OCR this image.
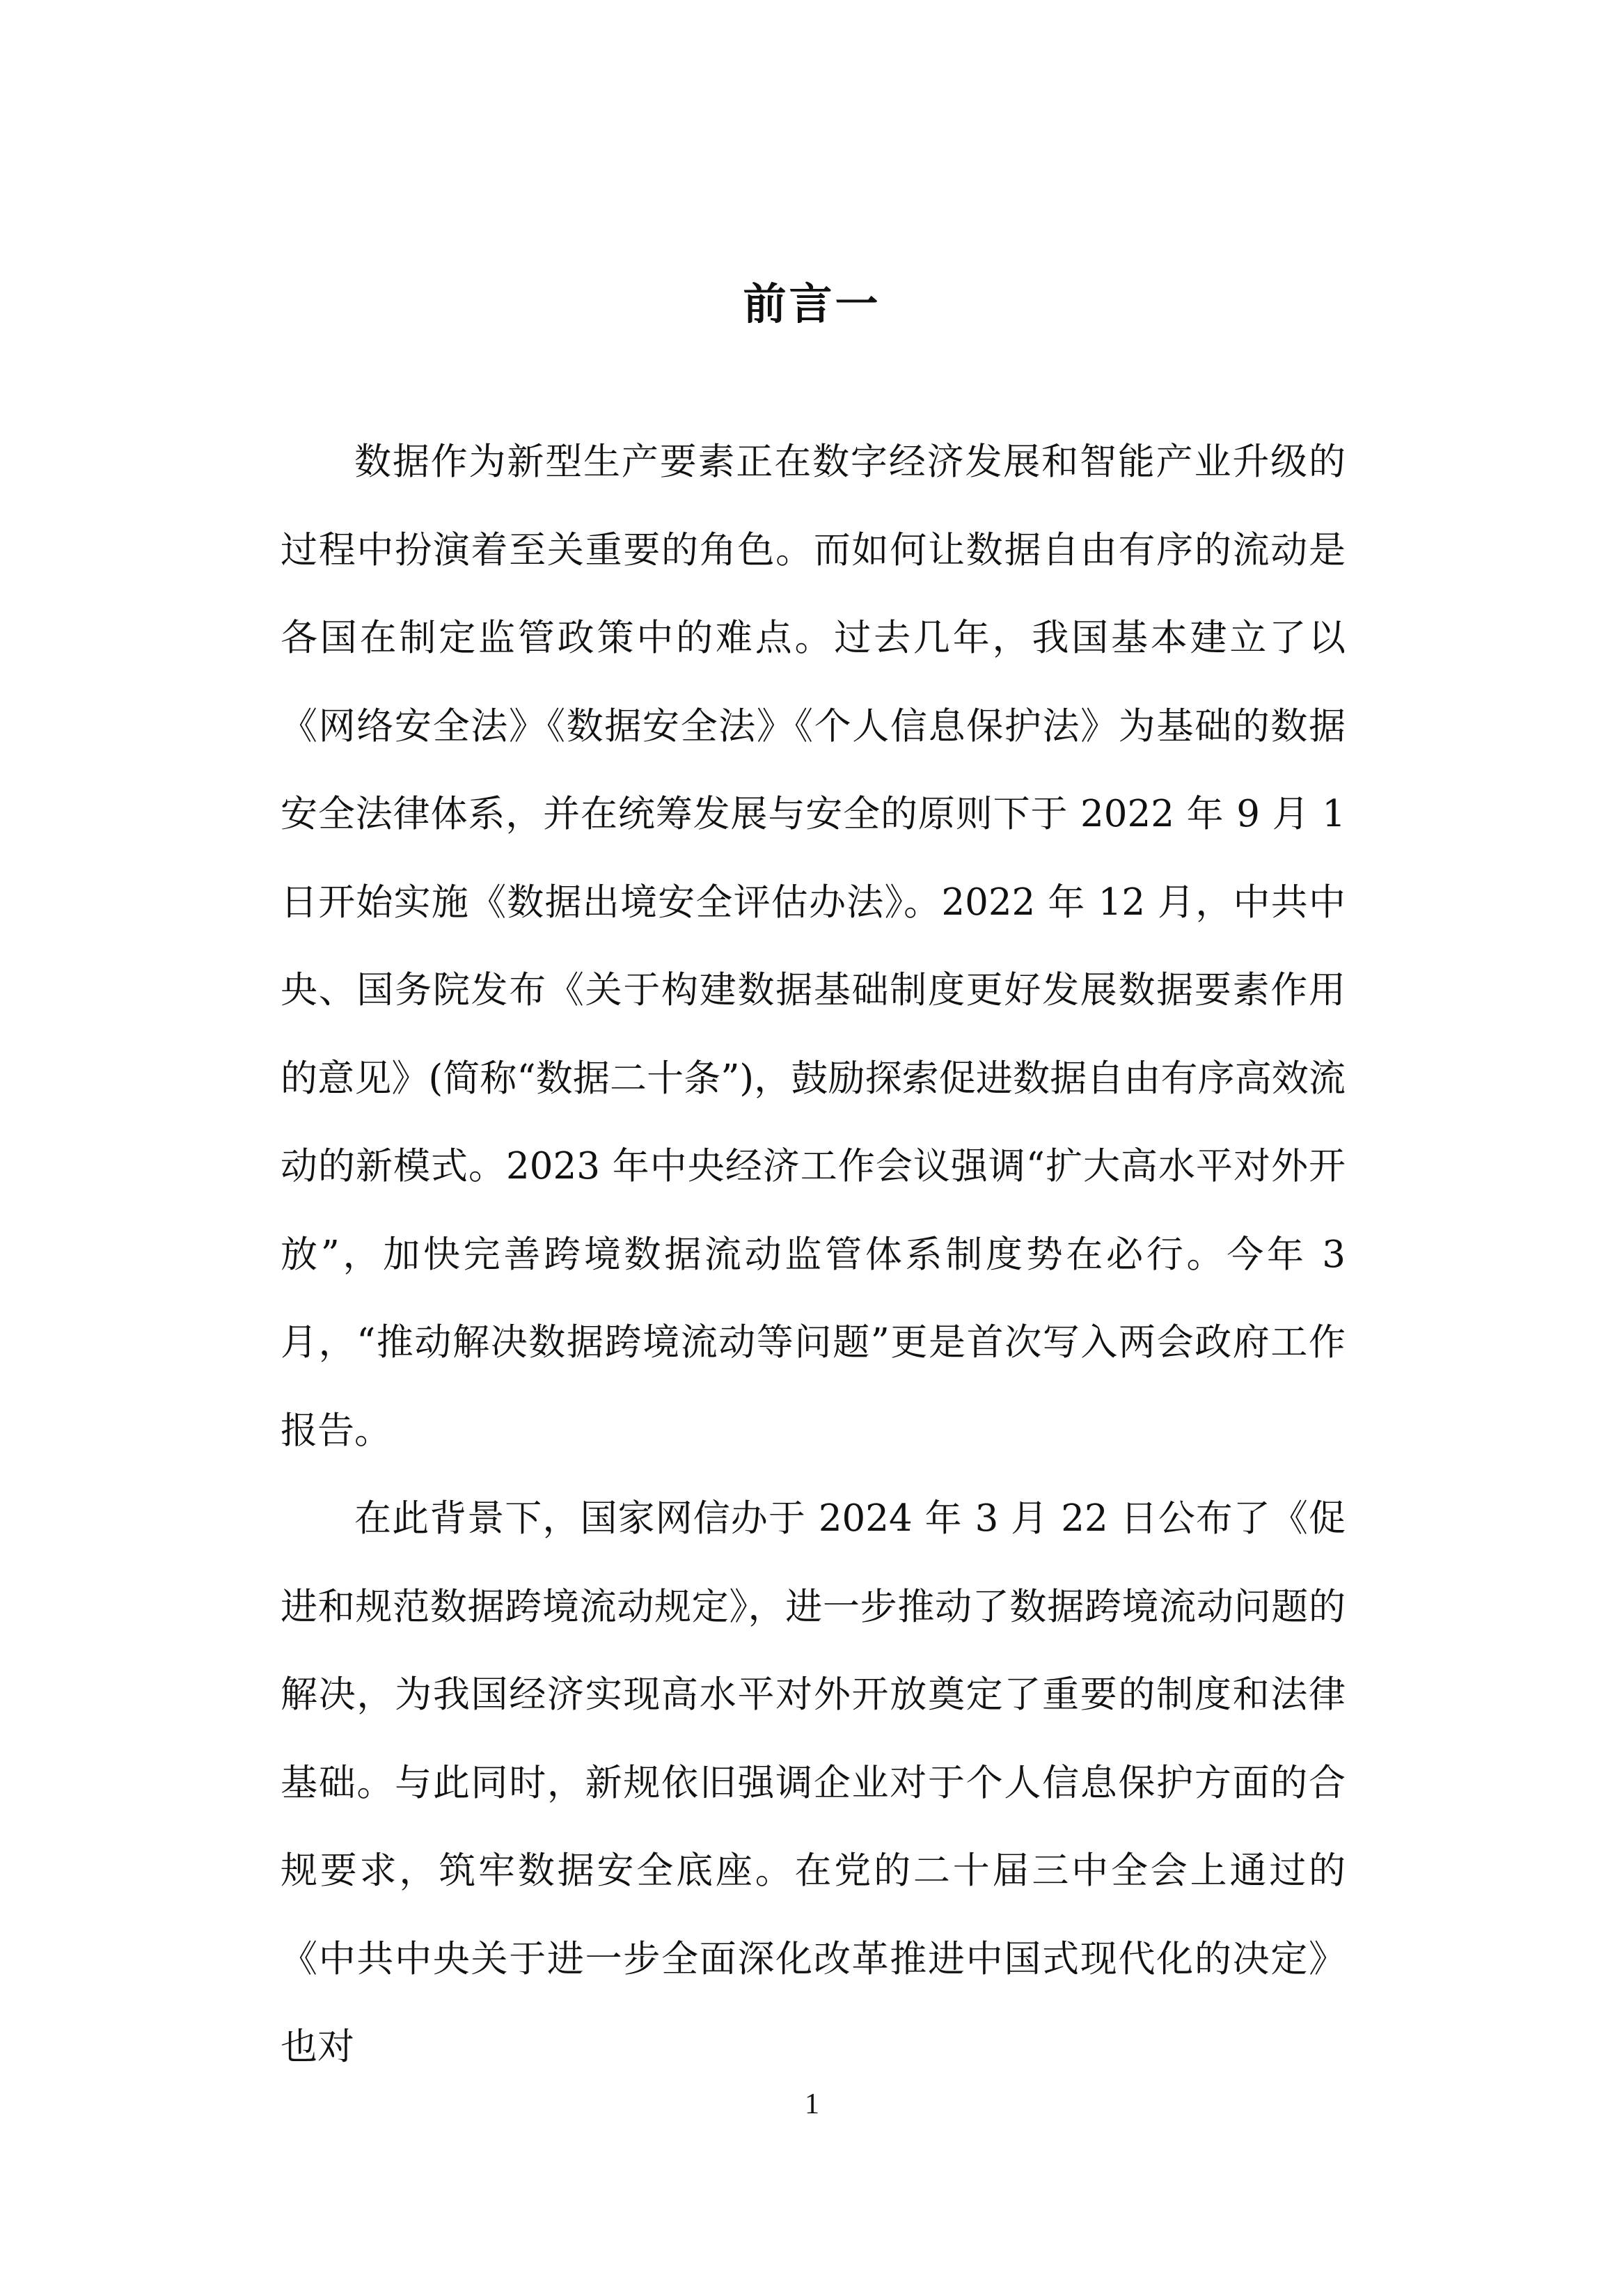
前言一

数据作为新型生产要素正在数字经济发展和智能产业升级的过程中扮演着至关重要的角色。而如何让数据自由有序的流动是各国在制定监管政策中的难点。过去几年，我国基本建立了以《网络安全法》《数据安全法》《个人信息保护法》为基础的数据安全法律体系，并在统筹发展与安全的原则下于 2022 年 9 月 1 日开始实施《数据出境安全评估办法》。2022 年 12 月，中共中央、国务院发布《关于构建数据基础制度更好发展数据要素作用的意见》(简称“数据二十条”)，鼓励探索促进数据自由有序高效流动的新模式。2023 年中央经济工作会议强调“扩大高水平对外开放”，加快完善跨境数据流动监管体系制度势在必行。今年 3 月，“推动解决数据跨境流动等问题”更是首次写入两会政府工作报告。

在此背景下，国家网信办于 2024 年 3 月 22 日公布了《促进和规范数据跨境流动规定》，进一步推动了数据跨境流动问题的解决，为我国经济实现高水平对外开放奠定了重要的制度和法律基础。与此同时，新规依旧强调企业对于个人信息保护方面的合规要求，筑牢数据安全底座。在党的二十届三中全会上通过的《中共中央关于进一步全面深化改革推进中国式现代化的决定》也对

1
